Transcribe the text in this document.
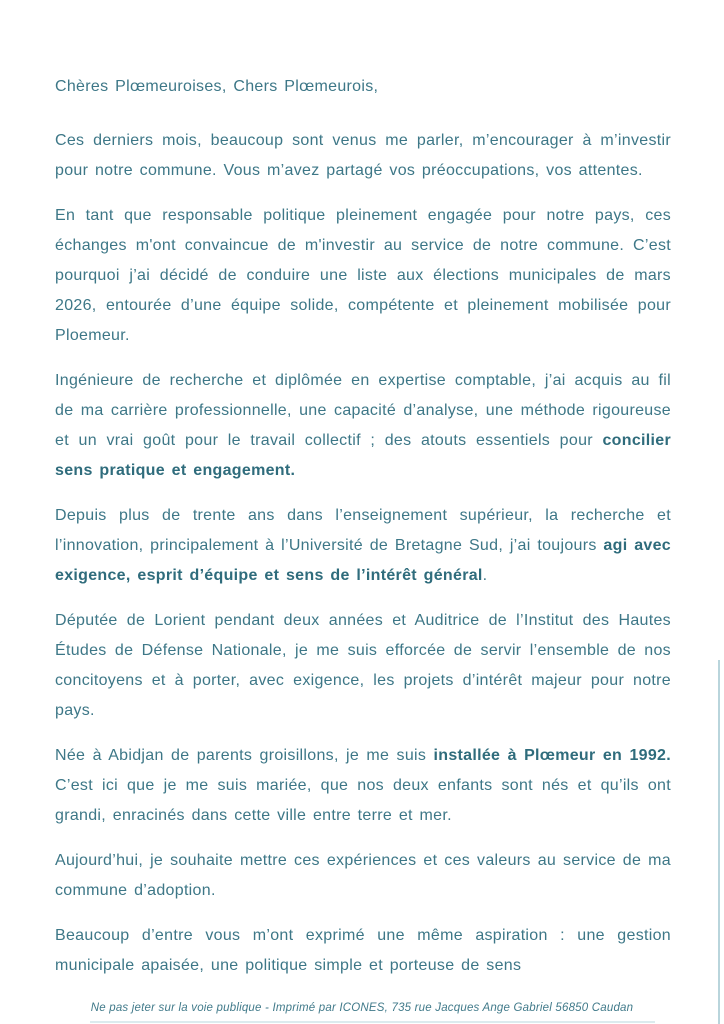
Chères Plœmeuroises, Chers Plœmeurois,

Ces derniers mois, beaucoup sont venus me parler, m’encourager à m’investir pour notre commune. Vous m’avez partagé vos préoccupations, vos attentes.

En tant que responsable politique pleinement engagée pour notre pays, ces échanges m'ont convaincue de m'investir au service de notre commune. C’est pourquoi j’ai décidé de conduire une liste aux élections municipales de mars 2026, entourée d’une équipe solide, compétente et pleinement mobilisée pour Ploemeur.

Ingénieure de recherche et diplômée en expertise comptable, j’ai acquis au fil de ma carrière professionnelle, une capacité d’analyse, une méthode rigoureuse et un vrai goût pour le travail collectif ; des atouts essentiels pour concilier sens pratique et engagement.

Depuis plus de trente ans dans l’enseignement supérieur, la recherche et l’innovation, principalement à l’Université de Bretagne Sud, j’ai toujours agi avec exigence, esprit d’équipe et sens de l’intérêt général.

Députée de Lorient pendant deux années et Auditrice de l’Institut des Hautes Études de Défense Nationale, je me suis efforcée de servir l’ensemble de nos concitoyens et à porter, avec exigence, les projets d’intérêt majeur pour notre pays.

Née à Abidjan de parents groisillons, je me suis installée à Plœmeur en 1992. C’est ici que je me suis mariée, que nos deux enfants sont nés et qu’ils ont grandi, enracinés dans cette ville entre terre et mer.

Aujourd’hui, je souhaite mettre ces expériences et ces valeurs au service de ma commune d’adoption.

Beaucoup d’entre vous m’ont exprimé une même aspiration : une gestion municipale apaisée, une politique simple et porteuse de sens

Ne pas jeter sur la voie publique - Imprimé par ICONES, 735 rue Jacques Ange Gabriel 56850 Caudan
